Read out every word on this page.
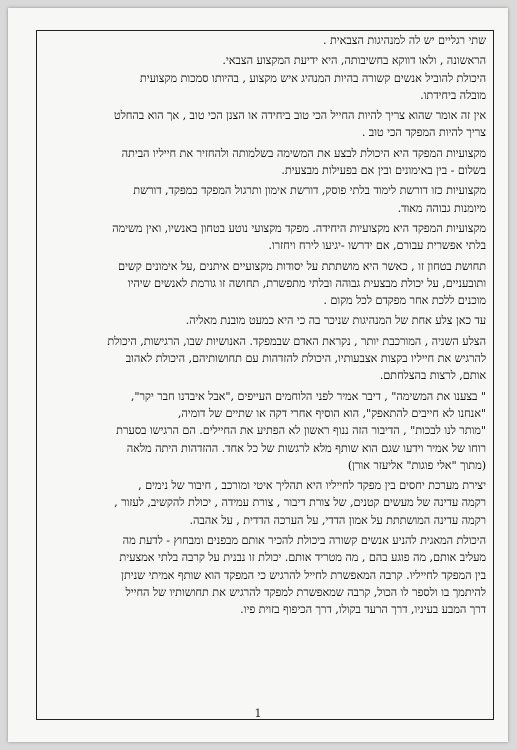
שתי רגליים יש לה למנהיגות הצבאית .
הראשונה , ולאו דווקא בחשיבותה, היא ידיעת המקצוע הצבאי.
היכולת להוביל אנשים קשורה בהיות המנהיג איש מקצוע , בהיותו סמכות מקצועית
מובלה ביחידתו.
אין זה אומר שהוא צריך להיות החייל הכי טוב ביחידה או הצנן הכי טוב , אך הוא בהחלט
צריך להיות המפקד הכי טוב .
מקצועיות המפקד היא היכולת לבצע את המשימה בשלמותה ולהחזיר את חייליו הביתה
בשלום - בין באימונים ובין אם בפעילות מבצעית.
מקצועיות כזו דורשת לימוד בלתי פוסק, דורשת אימון ותרגול המפקד כמפקד, דורשת
מיומנות גבוהה מאוד.
מקצועיות המפקד היא מקצועיות היחידה. מפקד מקצועי נוטע בטחון באנשיו, ואין משימה
בלתי אפשרית עבורם, אם ידרשו -יגיעו לירח ויחזרו.
תחושת בטחון זו , כאשר היא מושתתת על יסודות מקצועיים איתנים ,על אימונים קשים
ותובעניים, על יכולת מבצעית גבוהה ובלתי מתפשרת, תחושה זו גורמת לאנשים שיהיו
מוכנים ללכת אחר מפקדם לכל מקום .
עד כאן צלע אחת של המנהיגות שניכר בה כי היא כמעט מובנת מאליה.
הצלע השניה , המורכבת יותר , נקראת האדם שבמפקד. האנושיות שבו, הרגישות, היכולת
להרגיש את חייליו בקצות אצבעותיו, היכולת להזדהות עם תחושותיהם, היכולת לאהוב
אותם, לרצות בהצלחתם.
" בצענו את המשימה" , דיבר אמיר לפני הלוחמים העייפים ,"אבל איבדנו חבר יקר",
"אנחנו לא חייבים להתאפק", הוא הוסיף אחרי דקה או שתיים של דומיה,
"מותר לנו לבכות" , הדיבור הזה ננוף ראשון לא הפתיע את החיילים. הם הרגישו בסערת
רוחו של אמיר וידעו שגם הוא שותף מלא לרגשות של כל אחד. ההזדהות היתה מלאה
(מתוך "אלי פוגות" אליעזר אורן)
יצירת מערכת יחסים בין מפקד לחייליו היא תהליך איטי ומורכב , חיבור של נימים ,
רקמה עדינה של מעשים קטנים, של צורת דיבור , צורת עמידה , יכולת להקשיב, לעזור ,
רקמה עדינה המושתתת על אמון הדדי, על הערכה הדדית , על אהבה.
היכולת המאגית להניע אנשים קשורה ביכולת להכיר אותם מבפנים ומבחוץ - לדעת מה
מעליב אותם, מה פוגע בהם , מה מטריד אותם. יכולת זו נבנית על קרבה בלתי אמצעית
בין המפקד לחייליו. קרבה המאפשרת לחייל להרגיש כי המפקד הוא שותף אמיתי שניתן
להיתמך בו ולספר לו הכול, קרבה שמאפשרת למפקד להרגיש את תחושותיו של החייל
דרך המבע בעיניו, דרך הרעד בקולו, דרך הכיפוף בזוית פיו.
1
